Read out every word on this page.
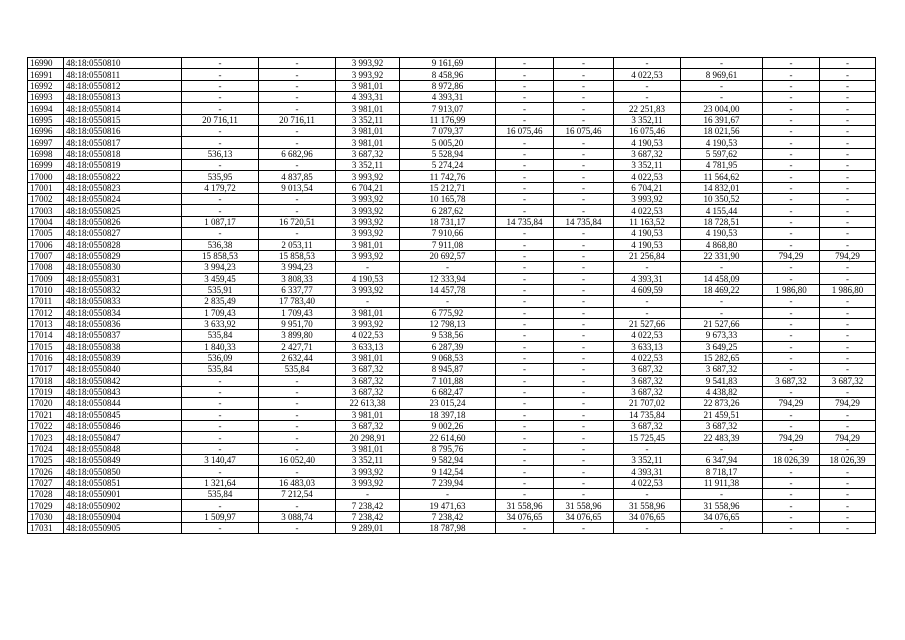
16990	48:18:0550810	-	-	3 993,92	9 161,69	-	-	-	-	-	-
16991	48:18:0550811	-	-	3 993,92	8 458,96	-	-	4 022,53	8 969,61	-	-
16992	48:18:0550812	-	-	3 981,01	8 972,86	-	-	-	-	-	-
16993	48:18:0550813	-	-	4 393,31	4 393,31	-	-	-	-	-	-
16994	48:18:0550814	-	-	3 981,01	7 913,07	-	-	22 251,83	23 004,00	-	-
16995	48:18:0550815	20 716,11	20 716,11	3 352,11	11 176,99	-	-	3 352,11	16 391,67	-	-
16996	48:18:0550816	-	-	3 981,01	7 079,37	16 075,46	16 075,46	16 075,46	18 021,56	-	-
16997	48:18:0550817	-	-	3 981,01	5 005,20	-	-	4 190,53	4 190,53	-	-
16998	48:18:0550818	536,13	6 682,96	3 687,32	5 528,94	-	-	3 687,32	5 597,62	-	-
16999	48:18:0550819	-	-	3 352,11	5 274,24	-	-	3 352,11	4 781,95	-	-
17000	48:18:0550822	535,95	4 837,85	3 993,92	11 742,76	-	-	4 022,53	11 564,62	-	-
17001	48:18:0550823	4 179,72	9 013,54	6 704,21	15 212,71	-	-	6 704,21	14 832,01	-	-
17002	48:18:0550824	-	-	3 993,92	10 165,78	-	-	3 993,92	10 350,52	-	-
17003	48:18:0550825	-	-	3 993,92	6 287,62	-	-	4 022,53	4 155,44	-	-
17004	48:18:0550826	1 087,17	16 720,51	3 993,92	18 731,17	14 735,84	14 735,84	11 163,52	18 728,51	-	-
17005	48:18:0550827	-	-	3 993,92	7 910,66	-	-	4 190,53	4 190,53	-	-
17006	48:18:0550828	536,38	2 053,11	3 981,01	7 911,08	-	-	4 190,53	4 868,80	-	-
17007	48:18:0550829	15 858,53	15 858,53	3 993,92	20 692,57	-	-	21 256,84	22 331,90	794,29	794,29
17008	48:18:0550830	3 994,23	3 994,23	-	-	-	-	-	-	-	-
17009	48:18:0550831	3 459,45	3 808,33	4 190,53	12 333,94	-	-	4 393,31	14 458,09	-	-
17010	48:18:0550832	535,91	6 337,77	3 993,92	14 457,78	-	-	4 609,59	18 469,22	1 986,80	1 986,80
17011	48:18:0550833	2 835,49	17 783,40	-	-	-	-	-	-	-	-
17012	48:18:0550834	1 709,43	1 709,43	3 981,01	6 775,92	-	-	-	-	-	-
17013	48:18:0550836	3 633,92	9 951,70	3 993,92	12 798,13	-	-	21 527,66	21 527,66	-	-
17014	48:18:0550837	535,84	3 899,80	4 022,53	9 538,56	-	-	4 022,53	9 673,33	-	-
17015	48:18:0550838	1 840,33	2 427,71	3 633,13	6 287,39	-	-	3 633,13	3 649,25	-	-
17016	48:18:0550839	536,09	2 632,44	3 981,01	9 068,53	-	-	4 022,53	15 282,65	-	-
17017	48:18:0550840	535,84	535,84	3 687,32	8 945,87	-	-	3 687,32	3 687,32	-	-
17018	48:18:0550842	-	-	3 687,32	7 101,88	-	-	3 687,32	9 541,83	3 687,32	3 687,32
17019	48:18:0550843	-	-	3 687,32	6 682,47	-	-	3 687,32	4 438,82	-	-
17020	48:18:0550844	-	-	22 613,38	23 015,24	-	-	21 707,02	22 873,26	794,29	794,29
17021	48:18:0550845	-	-	3 981,01	18 397,18	-	-	14 735,84	21 459,51	-	-
17022	48:18:0550846	-	-	3 687,32	9 002,26	-	-	3 687,32	3 687,32	-	-
17023	48:18:0550847	-	-	20 298,91	22 614,60	-	-	15 725,45	22 483,39	794,29	794,29
17024	48:18:0550848	-	-	3 981,01	8 795,76	-	-	-	-	-	-
17025	48:18:0550849	3 140,47	16 052,40	3 352,11	9 582,94	-	-	3 352,11	6 347,94	18 026,39	18 026,39
17026	48:18:0550850	-	-	3 993,92	9 142,54	-	-	4 393,31	8 718,17	-	-
17027	48:18:0550851	1 321,64	16 483,03	3 993,92	7 239,94	-	-	4 022,53	11 911,38	-	-
17028	48:18:0550901	535,84	7 212,54	-	-	-	-	-	-	-	-
17029	48:18:0550902	-	-	7 238,42	19 471,63	31 558,96	31 558,96	31 558,96	31 558,96	-	-
17030	48:18:0550904	1 509,97	3 088,74	7 238,42	7 238,42	34 076,65	34 076,65	34 076,65	34 076,65	-	-
17031	48:18:0550905	-	-	9 289,01	18 787,98	-	-	-	-	-	-
